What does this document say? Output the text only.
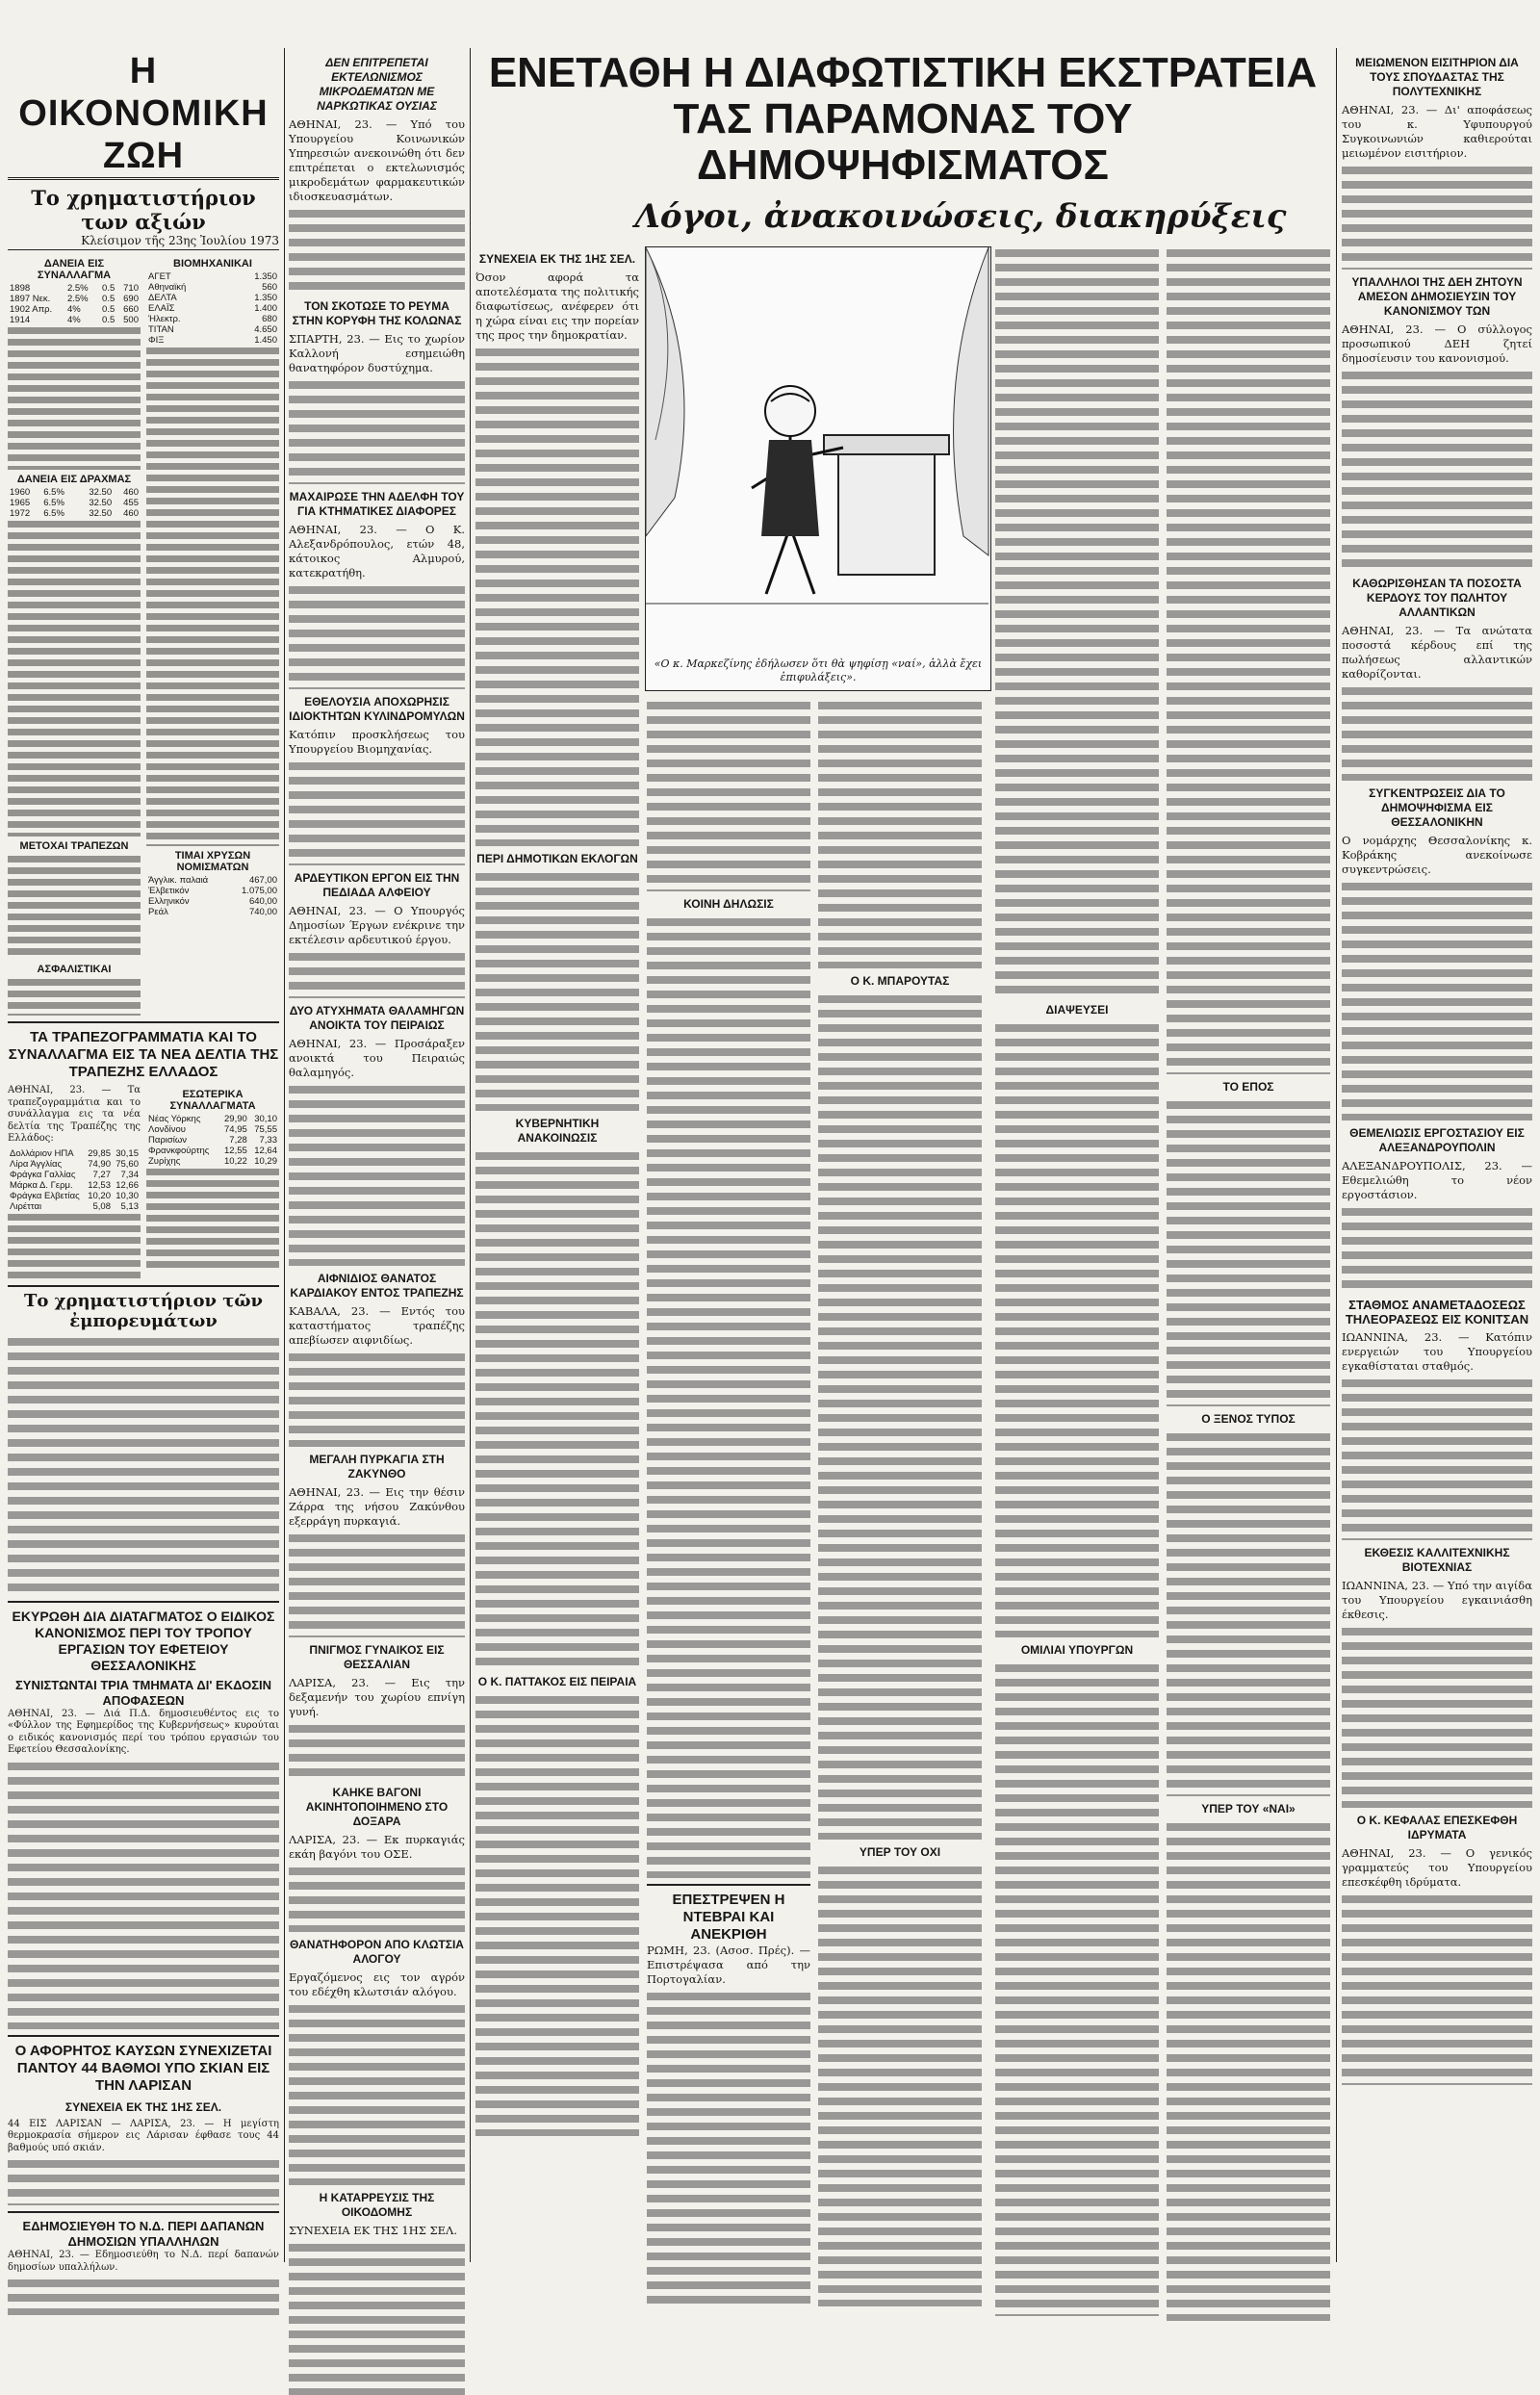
Η ΟΙΚΟΝΟΜΙΚΗ ΖΩΗ
Το χρηματιστήριον των αξιών
Κλείσιμον τῆς 23ης Ἰουλίου 1973
ΔΑΝΕΙΑ ΕΙΣ ΣΥΝΑΛΛΑΓΜΑ
1898	2.5%	0.5	710
1897 Νεκ.	2.5%	0.5	690
1902 Απρ.	4%	0.5	660
1914	4%	0.5	500
ΔΑΝΕΙΑ ΕΙΣ ΔΡΑΧΜΑΣ
1960	6.5%	32.50	460
1965	6.5%	32.50	455
1972	6.5%	32.50	460
ΜΕΤΟΧΑΙ ΤΡΑΠΕΖΩΝ
ΑΣΦΑΛΙΣΤΙΚΑΙ
ΒΙΟΜΗΧΑΝΙΚΑΙ
ΑΓΕΤ	1.350
Αθηναϊκή	560
ΔΕΛΤΑ	1.350
ΕΛΑΪΣ	1.400
Ήλεκτρ.	680
ΤΙΤΑΝ	4.650
ΦΙΞ	1.450
ΤΙΜΑΙ ΧΡΥΣΩΝ ΝΟΜΙΣΜΑΤΩΝ
Άγγλικ. παλαιά	467,00
Έλβετικόν	1.075,00
Ελληνικόν	640,00
Ρεάλ	740,00
ΤΑ ΤΡΑΠΕΖΟΓΡΑΜΜΑΤΙΑ ΚΑΙ ΤΟ ΣΥΝΑΛΛΑΓΜΑ ΕΙΣ ΤΑ ΝΕΑ ΔΕΛΤΙΑ ΤΗΣ ΤΡΑΠΕΖΗΣ ΕΛΛΑΔΟΣ

ΑΘΗΝΑΙ, 23. — Τα τραπεζογραμμάτια και το συνάλλαγμα εις τα νέα δελτία της Τραπέζης της Ελλάδος:

Δολλάριον ΗΠΑ	29,85	30,15
Λίρα Άγγλίας	74,90	75,60
Φράγκα Γαλλίας	7,27	7,34
Μάρκα Δ. Γερμ.	12,53	12,66
Φράγκα Ελβετίας	10,20	10,30
Λιρέτται	5,08	5,13
ΕΣΩΤΕΡΙΚΑ ΣΥΝΑΛΛΑΓΜΑΤΑ
Νέας Υόρκης	29,90	30,10
Λονδίνου	74,95	75,55
Παρισίων	7,28	7,33
Φρανκφούρτης	12,55	12,64
Ζυρίχης	10,22	10,29
Το χρηματιστήριον τῶν ἐμπορευμάτων
ΕΚΥΡΩΘΗ ΔΙΑ ΔΙΑΤΑΓΜΑΤΟΣ Ο ΕΙΔΙΚΟΣ ΚΑΝΟΝΙΣΜΟΣ ΠΕΡΙ ΤΟΥ ΤΡΟΠΟΥ ΕΡΓΑΣΙΩΝ ΤΟΥ ΕΦΕΤΕΙΟΥ ΘΕΣΣΑΛΟΝΙΚΗΣ
ΣΥΝΙΣΤΩΝΤΑΙ ΤΡΙΑ ΤΜΗΜΑΤΑ ΔΙ' ΕΚΔΟΣΙΝ ΑΠΟΦΑΣΕΩΝ

ΑΘΗΝΑΙ, 23. — Διά Π.Δ. δημοσιευθέντος εις το «Φύλλον της Εφημερίδος της Κυβερνήσεως» κυρούται ο ειδικός κανονισμός περί του τρόπου εργασιών του Εφετείου Θεσσαλονίκης.

Ο ΑΦΟΡΗΤΟΣ ΚΑΥΣΩΝ ΣΥΝΕΧΙΖΕΤΑΙ ΠΑΝΤΟΥ 44 ΒΑΘΜΟΙ ΥΠΟ ΣΚΙΑΝ ΕΙΣ ΤΗΝ ΛΑΡΙΣΑΝ
ΣΥΝΕΧΕΙΑ ΕΚ ΤΗΣ 1ΗΣ ΣΕΛ.

44 ΕΙΣ ΛΑΡΙΣΑΝ — ΛΑΡΙΣΑ, 23. — Η μεγίστη θερμοκρασία σήμερον εις Λάρισαν έφθασε τους 44 βαθμούς υπό σκιάν.

ΕΔΗΜΟΣΙΕΥΘΗ ΤΟ Ν.Δ. ΠΕΡΙ ΔΑΠΑΝΩΝ ΔΗΜΟΣΙΩΝ ΥΠΑΛΛΗΛΩΝ

ΑΘΗΝΑΙ, 23. — Εδημοσιεύθη το Ν.Δ. περί δαπανών δημοσίων υπαλλήλων.

ΔΕΝ ΕΠΙΤΡΕΠΕΤΑΙ ΕΚΤΕΛΩΝΙΣΜΟΣ ΜΙΚΡΟΔΕΜΑΤΩΝ ΜΕ ΝΑΡΚΩΤΙΚΑΣ ΟΥΣΙΑΣ

ΑΘΗΝΑΙ, 23. — Υπό του Υπουργείου Κοινωνικών Υπηρεσιών ανεκοινώθη ότι δεν επιτρέπεται ο εκτελωνισμός μικροδεμάτων φαρμακευτικών ιδιοσκευασμάτων.

ΤΟΝ ΣΚΟΤΩΣΕ ΤΟ ΡΕΥΜΑ ΣΤΗΝ ΚΟΡΥΦΗ ΤΗΣ ΚΟΛΩΝΑΣ

ΣΠΑΡΤΗ, 23. — Εις το χωρίον Καλλονή εσημειώθη θανατηφόρον δυστύχημα.

ΜΑΧΑΙΡΩΣΕ ΤΗΝ ΑΔΕΛΦΗ ΤΟΥ ΓΙΑ ΚΤΗΜΑΤΙΚΕΣ ΔΙΑΦΟΡΕΣ

ΑΘΗΝΑΙ, 23. — Ο Κ. Αλεξανδρόπουλος, ετών 48, κάτοικος Αλμυρού, κατεκρατήθη.

ΕΘΕΛΟΥΣΙΑ ΑΠΟΧΩΡΗΣΙΣ ΙΔΙΟΚΤΗΤΩΝ ΚΥΛΙΝΔΡΟΜΥΛΩΝ

Κατόπιν προσκλήσεως του Υπουργείου Βιομηχανίας.

ΑΡΔΕΥΤΙΚΟΝ ΕΡΓΟΝ ΕΙΣ ΤΗΝ ΠΕΔΙΑΔΑ ΑΛΦΕΙΟΥ

ΑΘΗΝΑΙ, 23. — Ο Υπουργός Δημοσίων Έργων ενέκρινε την εκτέλεσιν αρδευτικού έργου.

ΔΥΟ ΑΤΥΧΗΜΑΤΑ ΘΑΛΑΜΗΓΩΝ ΑΝΟΙΚΤΑ ΤΟΥ ΠΕΙΡΑΙΩΣ

ΑΘΗΝΑΙ, 23. — Προσάραξεν ανοικτά του Πειραιώς θαλαμηγός.

ΑΙΦΝΙΔΙΟΣ ΘΑΝΑΤΟΣ ΚΑΡΔΙΑΚΟΥ ΕΝΤΟΣ ΤΡΑΠΕΖΗΣ

ΚΑΒΑΛΑ, 23. — Εντός του καταστήματος τραπέζης απεβίωσεν αιφνιδίως.

ΜΕΓΑΛΗ ΠΥΡΚΑΓΙΑ ΣΤΗ ΖΑΚΥΝΘΟ

ΑΘΗΝΑΙ, 23. — Εις την θέσιν Ζάρρα της νήσου Ζακύνθου εξερράγη πυρκαγιά.

ΠΝΙΓΜΟΣ ΓΥΝΑΙΚΟΣ ΕΙΣ ΘΕΣΣΑΛΙΑΝ

ΛΑΡΙΣΑ, 23. — Εις την δεξαμενήν του χωρίου επνίγη γυνή.

ΚΑΗΚΕ ΒΑΓΟΝΙ ΑΚΙΝΗΤΟΠΟΙΗΜΕΝΟ ΣΤΟ ΔΟΞΑΡΑ

ΛΑΡΙΣΑ, 23. — Εκ πυρκαγιάς εκάη βαγόνι του ΟΣΕ.

ΘΑΝΑΤΗΦΟΡΟΝ ΑΠΟ ΚΛΩΤΣΙΑ ΑΛΟΓΟΥ

Εργαζόμενος εις τον αγρόν του εδέχθη κλωτσιάν αλόγου.

Η ΚΑΤΑΡΡΕΥΣΙΣ ΤΗΣ ΟΙΚΟΔΟΜΗΣ

ΣΥΝΕΧΕΙΑ ΕΚ ΤΗΣ 1ΗΣ ΣΕΛ.

ΕΝΕΤΑΘΗ Η ΔΙΑΦΩΤΙΣΤΙΚΗ ΕΚΣΤΡΑΤΕΙΑ
ΤΑΣ ΠΑΡΑΜΟΝΑΣ ΤΟΥ ΔΗΜΟΨΗΦΙΣΜΑΤΟΣ
Λόγοι, ἀνακοινώσεις, διακηρύξεις
«Ο κ. Μαρκεζίνης ἐδήλωσεν ὅτι θὰ ψηφίσῃ «ναί», ἀλλὰ ἔχει ἐπιφυλάξεις».
ΣΥΝΕΧΕΙΑ ΕΚ ΤΗΣ 1ΗΣ ΣΕΛ.

Όσον αφορά τα αποτελέσματα της πολιτικής διαφωτίσεως, ανέφερεν ότι η χώρα είναι εις την πορείαν της προς την δημοκρατίαν.

ΠΕΡΙ ΔΗΜΟΤΙΚΩΝ ΕΚΛΟΓΩΝ
ΚΥΒΕΡΝΗΤΙΚΗ ΑΝΑΚΟΙΝΩΣΙΣ
Ο Κ. ΠΑΤΤΑΚΟΣ ΕΙΣ ΠΕΙΡΑΙΑ
ΚΟΙΝΗ ΔΗΛΩΣΙΣ
ΕΠΕΣΤΡΕΨΕΝ Η ΝΤΕΒΡΑΙ ΚΑΙ ΑΝΕΚΡΙΘΗ

ΡΩΜΗ, 23. (Ασοσ. Πρές). — Επιστρέψασα από την Πορτογαλίαν.

Ο Κ. ΜΠΑΡΟΥΤΑΣ
ΥΠΕΡ ΤΟΥ ΟΧΙ
ΔΙΑΨΕΥΣΕΙ
ΟΜΙΛΙΑΙ ΥΠΟΥΡΓΩΝ
ΤΟ ΕΠΟΣ
Ο ΞΕΝΟΣ ΤΥΠΟΣ
ΥΠΕΡ ΤΟΥ «ΝΑΙ»
ΜΕΙΩΜΕΝΟΝ ΕΙΣΙΤΗΡΙΟΝ ΔΙΑ ΤΟΥΣ ΣΠΟΥΔΑΣΤΑΣ ΤΗΣ ΠΟΛΥΤΕΧΝΙΚΗΣ

ΑΘΗΝΑΙ, 23. — Δι' αποφάσεως του κ. Υφυπουργού Συγκοινωνιών καθιερούται μειωμένον εισιτήριον.

ΥΠΑΛΛΗΛΟΙ ΤΗΣ ΔΕΗ ΖΗΤΟΥΝ ΑΜΕΣΟΝ ΔΗΜΟΣΙΕΥΣΙΝ ΤΟΥ ΚΑΝΟΝΙΣΜΟΥ ΤΩΝ

ΑΘΗΝΑΙ, 23. — Ο σύλλογος προσωπικού ΔΕΗ ζητεί δημοσίευσιν του κανονισμού.

ΚΑΘΩΡΙΣΘΗΣΑΝ ΤΑ ΠΟΣΟΣΤΑ ΚΕΡΔΟΥΣ ΤΟΥ ΠΩΛΗΤΟΥ ΑΛΛΑΝΤΙΚΩΝ

ΑΘΗΝΑΙ, 23. — Τα ανώτατα ποσοστά κέρδους επί της πωλήσεως αλλαντικών καθορίζονται.

ΣΥΓΚΕΝΤΡΩΣΕΙΣ ΔΙΑ ΤΟ ΔΗΜΟΨΗΦΙΣΜΑ ΕΙΣ ΘΕΣΣΑΛΟΝΙΚΗΝ

Ο νομάρχης Θεσσαλονίκης κ. Κοβράκης ανεκοίνωσε συγκεντρώσεις.

ΘΕΜΕΛΙΩΣΙΣ ΕΡΓΟΣΤΑΣΙΟΥ ΕΙΣ ΑΛΕΞΑΝΔΡΟΥΠΟΛΙΝ

ΑΛΕΞΑΝΔΡΟΥΠΟΛΙΣ, 23. — Εθεμελιώθη το νέον εργοστάσιον.

ΣΤΑΘΜΟΣ ΑΝΑΜΕΤΑΔΟΣΕΩΣ ΤΗΛΕΟΡΑΣΕΩΣ ΕΙΣ ΚΟΝΙΤΣΑΝ

ΙΩΑΝΝΙΝΑ, 23. — Κατόπιν ενεργειών του Υπουργείου εγκαθίσταται σταθμός.

ΕΚΘΕΣΙΣ ΚΑΛΛΙΤΕΧΝΙΚΗΣ ΒΙΟΤΕΧΝΙΑΣ

ΙΩΑΝΝΙΝΑ, 23. — Υπό την αιγίδα του Υπουργείου εγκαινιάσθη έκθεσις.

Ο Κ. ΚΕΦΑΛΑΣ ΕΠΕΣΚΕΦΘΗ ΙΔΡΥΜΑΤΑ

ΑΘΗΝΑΙ, 23. — Ο γενικός γραμματεύς του Υπουργείου επεσκέφθη ιδρύματα.
